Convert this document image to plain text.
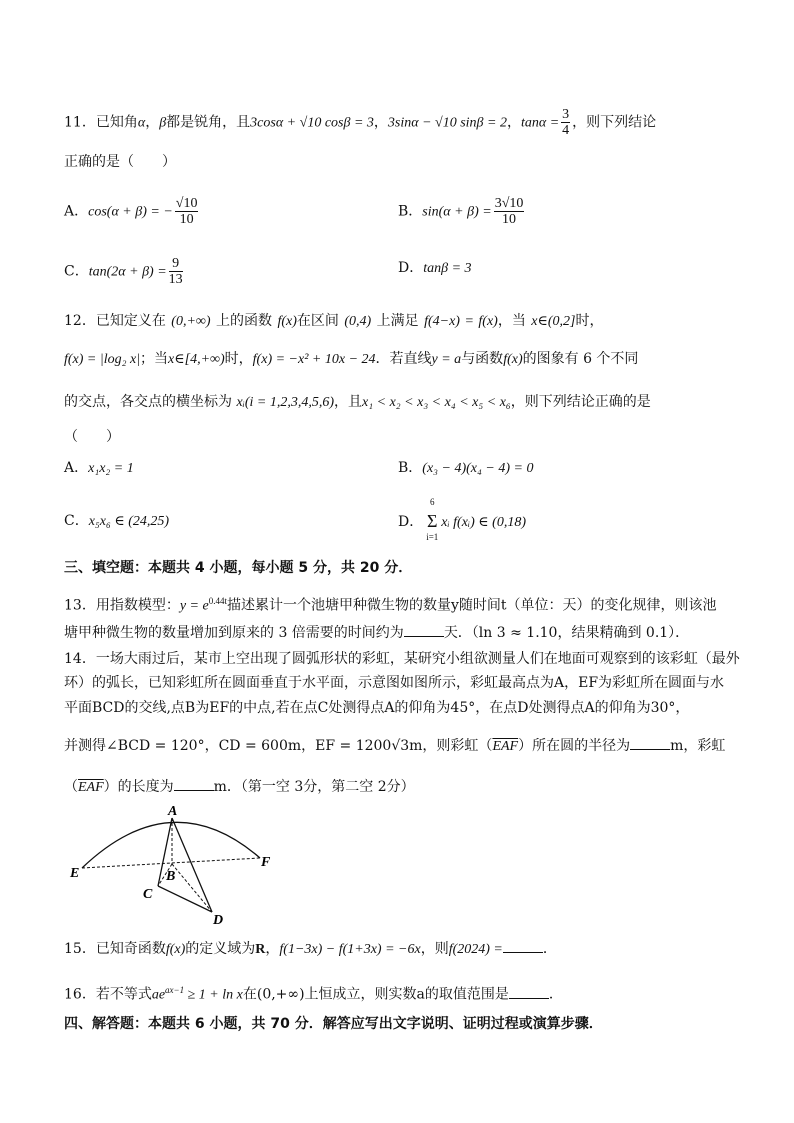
11．已知角α，β都是锐角，且3cosα + √10 cosβ = 3，3sinα − √10 sinβ = 2，$\tan\alpha = \frac{3}{4}$ ，则下列结论
正确的是（　　）
A．cos(α + β) = − $\frac{√10}{10}$	B．$\sin(\alpha + \beta) = \frac{3√10}{10}$
C．$\tan(2\alpha + \beta) = \frac{9}{13}$	D．tanβ = 3
12．已知定义在 (0,+∞) 上的函数 f(x)在区间 (0,4) 上满足 f(4−x) = f(x)，当 x∈(0,2]时，
f(x) = |log₂ x|；当x∈[4,+∞)时，f(x) = −x² + 10x − 24．若直线y = a与函数f(x)的图象有 6 个不同
的交点，各交点的横坐标为 xᵢ(i = 1,2,3,4,5,6)，且x₁ < x₂ < x₃ < x₄ < x₅ < x₆，则下列结论正确的是
（　　）
A．x₁x₂ = 1	B．(x₃ − 4)(x₄ − 4) = 0
C．x₅x₆ ∈ (24,25)	D．
6
Σ
i=1
xᵢ f(xᵢ) ∈ (0,18)
三、填空题：本题共 4 小题，每小题 5 分，共 20 分．
13．用指数模型：$y = e^{0.44t}$描述累计一个池塘甲种微生物的数量y随时间t（单位：天）的变化规律，则该池
塘甲种微生物的数量增加到原来的 3 倍需要的时间约为	天．（ln 3 ≈ 1.10，结果精确到 0.1）．
14．一场大雨过后，某市上空出现了圆弧形状的彩虹，某研究小组欲测量人们在地面可观察到的该彩虹（最外
环）的弧长，已知彩虹所在圆面垂直于水平面，示意图如图所示，彩虹最高点为A，EF为彩虹所在圆面与水
平面BCD的交线,点B为EF的中点,若在点C处测得点A的仰角为45°，在点D处测得点A的仰角为30°，
并测得∠BCD = 120°，CD = 600m，EF = 1200√3m，则彩虹$(\overline{EAF})$所在圆的半径为	m，彩虹
$(\overline{EAF})$的长度为	m．（第一空 3分，第二空 2分）
A
B
C
D
E
F
15．已知奇函数f(x)的定义域为R，f(1−3x) − f(1+3x) = −6x，则f(2024) =	．
16．若不等式$ae^{ax-1} \ge 1 + \ln x$在(0,+∞)上恒成立，则实数a的取值范围是	．
四、解答题：本题共 6 小题，共 70 分．解答应写出文字说明、证明过程或演算步骤．
